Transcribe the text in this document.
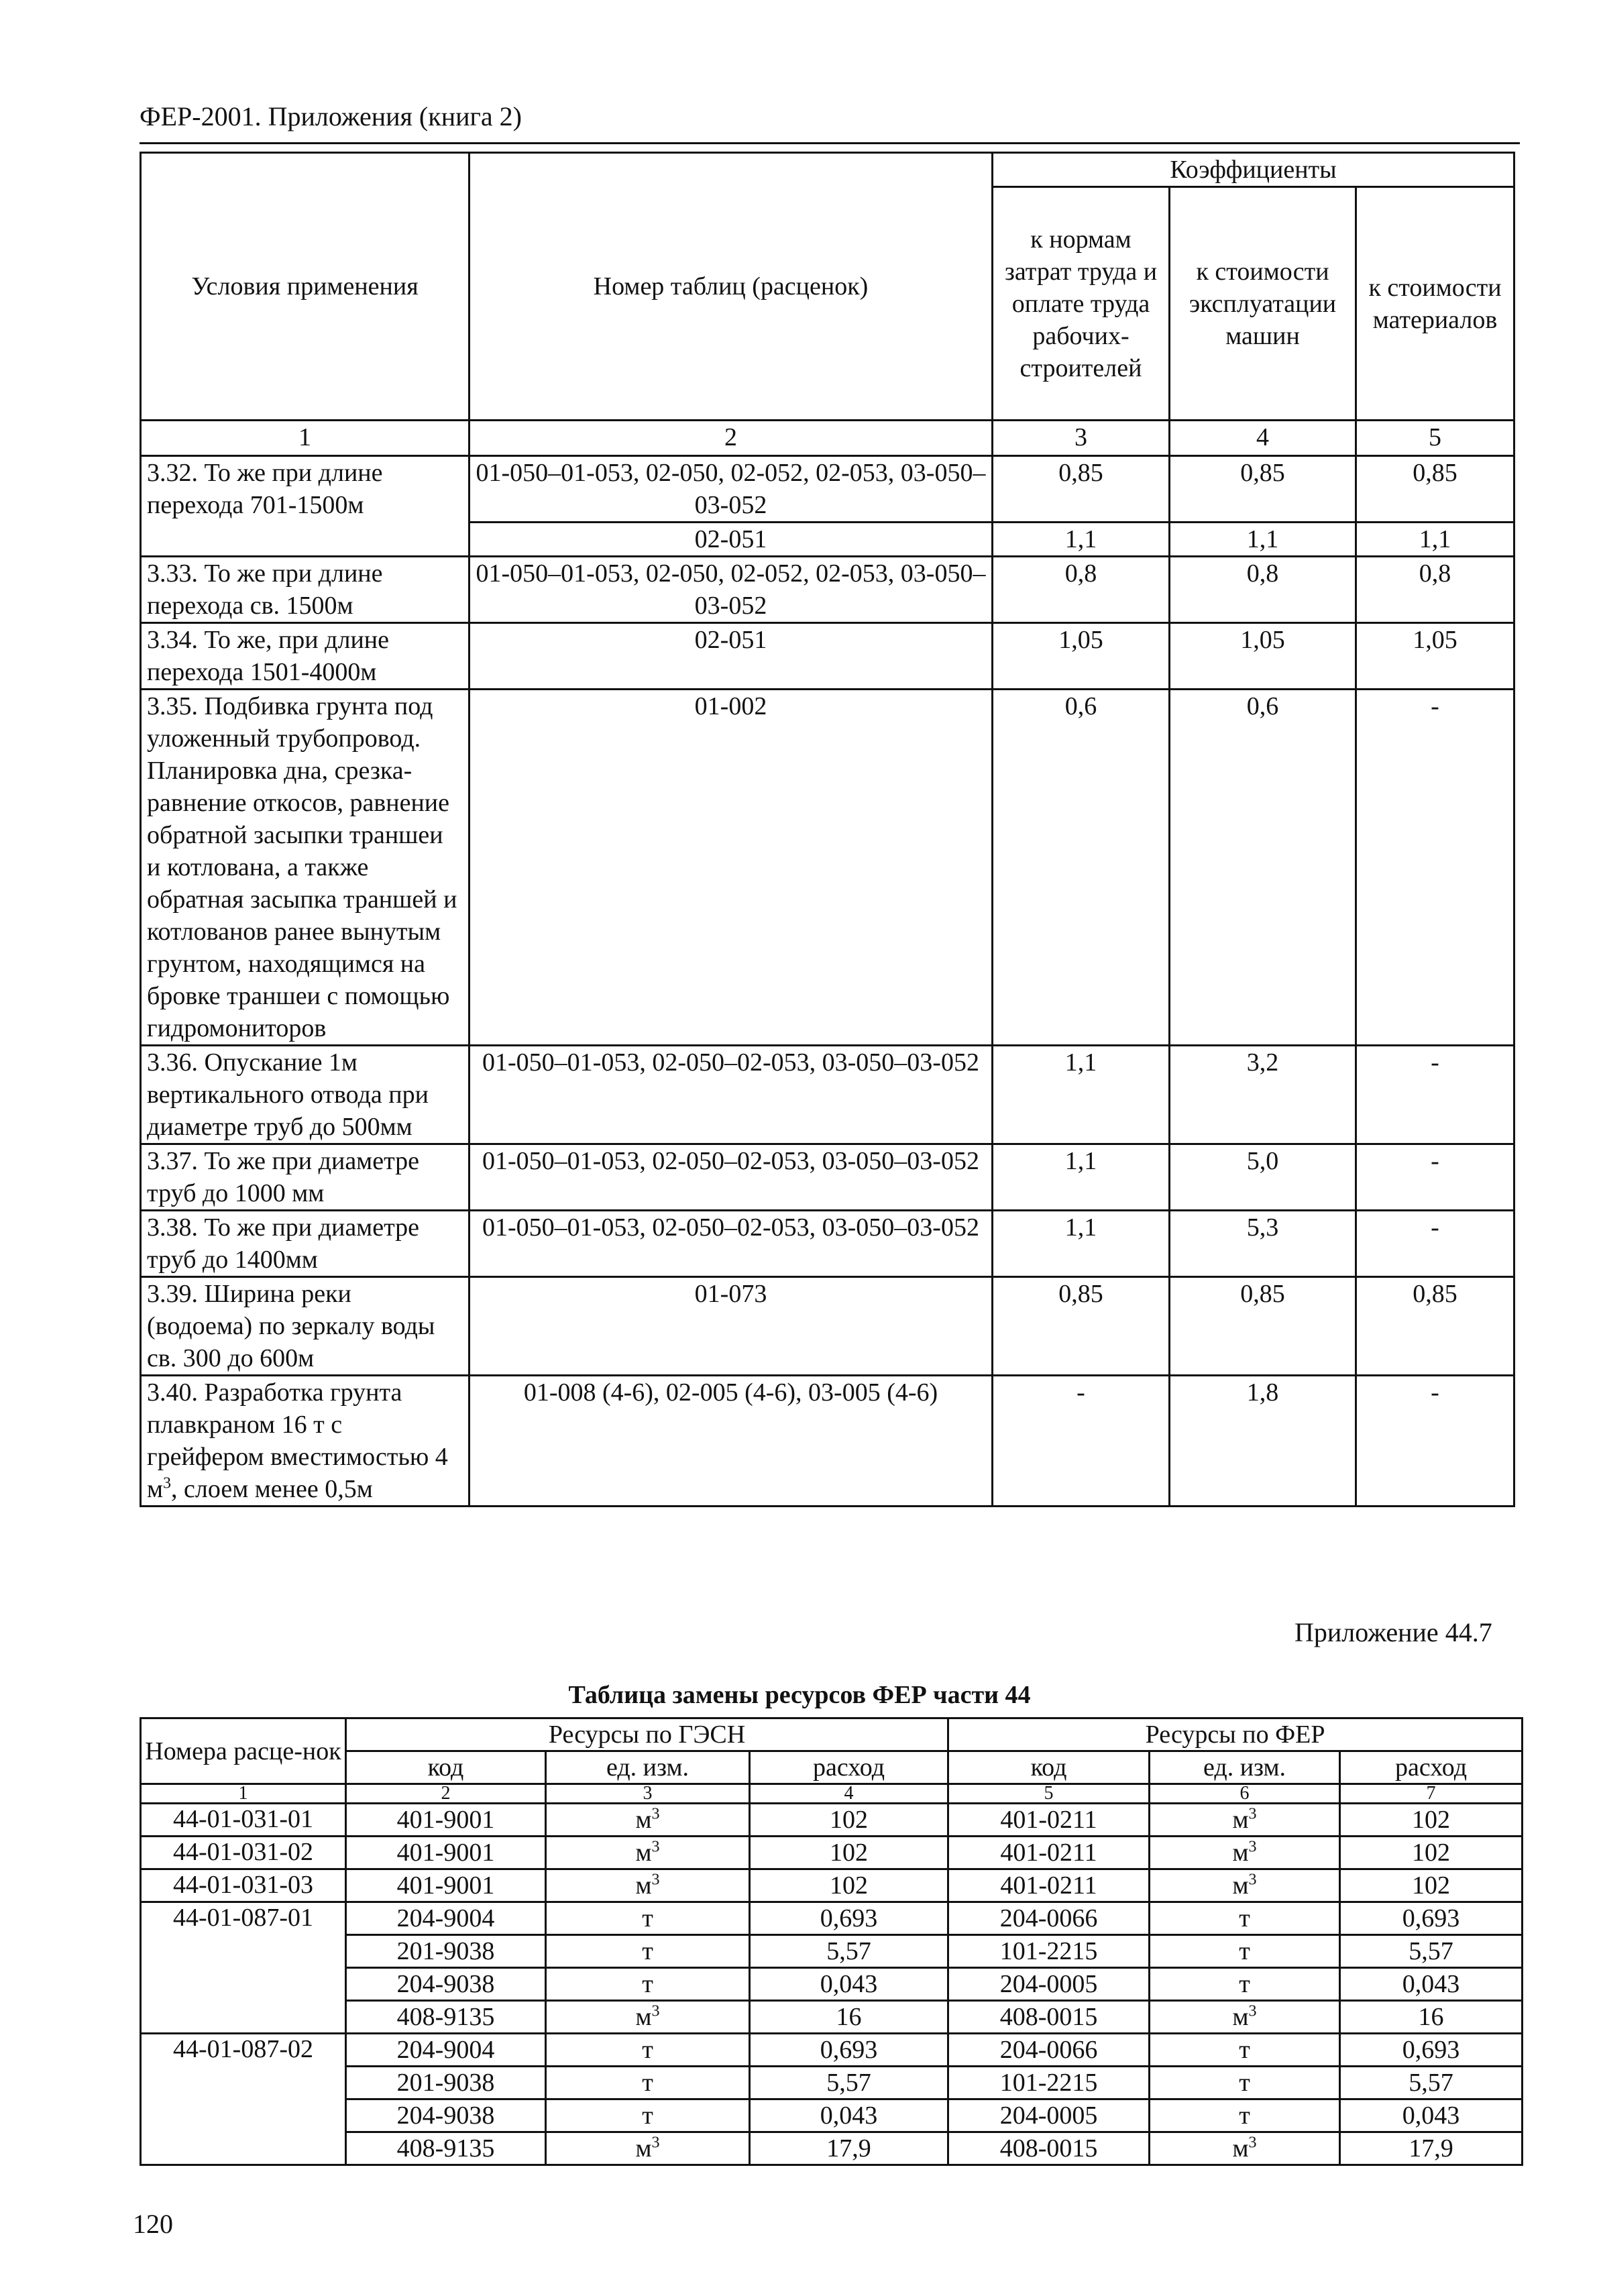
ФЕР-2001. Приложения (книга 2)
Условия применения	Номер таблиц (расценок)	Коэффициенты		
		к нормам затрат труда и оплате труда рабочих-строителей	к стоимости эксплуатации машин	к стоимости материалов
1	2	3	4	5
3.32. То же при длине перехода 701-1500м	01-050–01-053, 02-050, 02-052, 02-053, 03-050–03-052	0,85	0,85	0,85
	02-051	1,1	1,1	1,1
3.33. То же при длине перехода св. 1500м	01-050–01-053, 02-050, 02-052, 02-053, 03-050–03-052	0,8	0,8	0,8
3.34. То же, при длине перехода 1501-4000м	02-051	1,05	1,05	1,05
3.35. Подбивка грунта под уложенный трубопровод. Планировка дна, срезка-равнение откосов, равнение обратной засыпки траншеи и котлована, а также обратная засыпка траншей и котлованов ранее вынутым грунтом, находящимся на бровке траншеи с помощью гидромониторов	01-002	0,6	0,6	-
3.36. Опускание 1м вертикального отвода при диаметре труб до 500мм	01-050–01-053, 02-050–02-053, 03-050–03-052	1,1	3,2	-
3.37. То же при диаметре труб до 1000 мм	01-050–01-053, 02-050–02-053, 03-050–03-052	1,1	5,0	-
3.38. То же при диаметре труб до 1400мм	01-050–01-053, 02-050–02-053, 03-050–03-052	1,1	5,3	-
3.39. Ширина реки (водоема) по зеркалу воды св. 300 до 600м	01-073	0,85	0,85	0,85
3.40. Разработка грунта плавкраном 16 т с грейфером вместимостью 4 $м^3$, слоем менее 0,5м	01-008 (4-6), 02-005 (4-6), 03-005 (4-6)	-	1,8	-
Приложение 44.7
Таблица замены ресурсов ФЕР части 44
Номера расце-нок	Ресурсы по ГЭСН			Ресурсы по ФЕР		
	код	ед. изм.	расход	код	ед. изм.	расход
1	2	3	4	5	6	7
44-01-031-01	401-9001	$м^3$	102	401-0211	$м^3$	102
44-01-031-02	401-9001	$м^3$	102	401-0211	$м^3$	102
44-01-031-03	401-9001	$м^3$	102	401-0211	$м^3$	102
44-01-087-01	204-9004	т	0,693	204-0066	т	0,693
	201-9038	т	5,57	101-2215	т	5,57
	204-9038	т	0,043	204-0005	т	0,043
	408-9135	$м^3$	16	408-0015	$м^3$	16
44-01-087-02	204-9004	т	0,693	204-0066	т	0,693
	201-9038	т	5,57	101-2215	т	5,57
	204-9038	т	0,043	204-0005	т	0,043
	408-9135	$м^3$	17,9	408-0015	$м^3$	17,9
120
